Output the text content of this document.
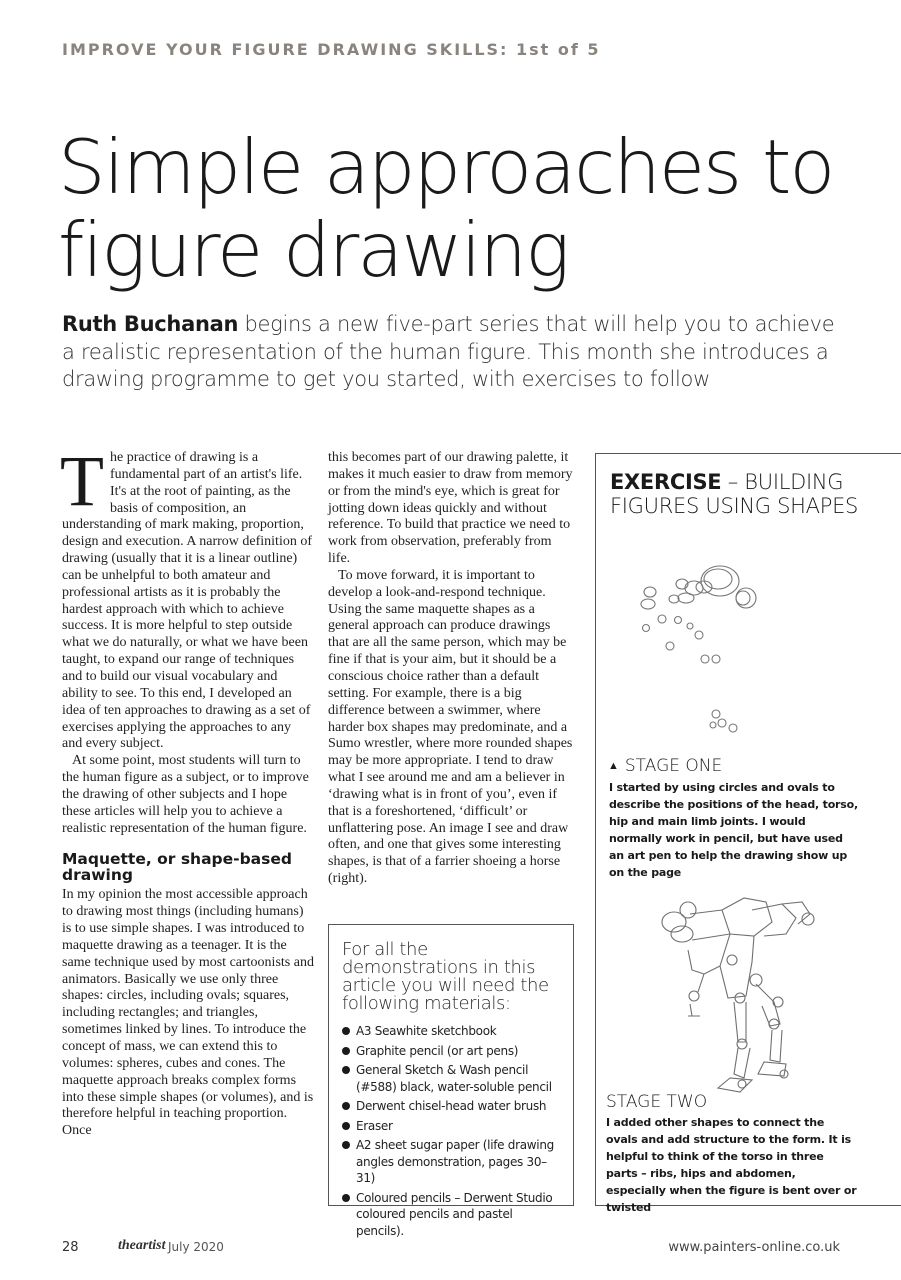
IMPROVE YOUR FIGURE DRAWING SKILLS: 1st of 5
Simple approaches to
figure drawing
Ruth Buchanan begins a new five-part series that will help you to achieve a realistic representation of the human figure. This month she introduces a drawing programme to get you started, with exercises to follow
T he practice of drawing is a fundamental part of an artist's life. It's at the root of painting, as the basis of composition, an understanding of mark making, proportion, design and execution. A narrow definition of drawing (usually that it is a linear outline) can be unhelpful to both amateur and professional artists as it is probably the hardest approach with which to achieve success. It is more helpful to step outside what we do naturally, or what we have been taught, to expand our range of techniques and to build our visual vocabulary and ability to see. To this end, I developed an idea of ten approaches to drawing as a set of exercises applying the approaches to any and every subject.

At some point, most students will turn to the human figure as a subject, or to improve the drawing of other subjects and I hope these articles will help you to achieve a realistic representation of the human figure.

Maquette, or shape-based drawing

In my opinion the most accessible approach to drawing most things (including humans) is to use simple shapes. I was introduced to maquette drawing as a teenager. It is the same technique used by most cartoonists and animators. Basically we use only three shapes: circles, including ovals; squares, including rectangles; and triangles, sometimes linked by lines. To introduce the concept of mass, we can extend this to volumes: spheres, cubes and cones. The maquette approach breaks complex forms into these simple shapes (or volumes), and is therefore helpful in teaching proportion. Once

this becomes part of our drawing palette, it makes it much easier to draw from memory or from the mind's eye, which is great for jotting down ideas quickly and without reference. To build that practice we need to work from observation, preferably from life.

To move forward, it is important to develop a look-and-respond technique. Using the same maquette shapes as a general approach can produce drawings that are all the same person, which may be fine if that is your aim, but it should be a conscious choice rather than a default setting. For example, there is a big difference between a swimmer, where harder box shapes may predominate, and a Sumo wrestler, where more rounded shapes may be more appropriate. I tend to draw what I see around me and am a believer in ‘drawing what is in front of you’, even if that is a foreshortened, ‘difficult’ or unflattering pose. An image I see and draw often, and one that gives some interesting shapes, is that of a farrier shoeing a horse (right).

For all the demonstrations in this article you will need the following materials:
A3 Seawhite sketchbook
Graphite pencil (or art pens)
General Sketch & Wash pencil (#588) black, water-soluble pencil
Derwent chisel-head water brush
Eraser
A2 sheet sugar paper (life drawing angles demonstration, pages 30–31)
Coloured pencils – Derwent Studio coloured pencils and pastel pencils).
EXERCISE – BUILDING
FIGURES USING SHAPES
▲ STAGE ONE
I started by using circles and ovals to describe the positions of the head, torso, hip and main limb joints. I would normally work in pencil, but have used an art pen to help the drawing show up on the page
STAGE TWO
I added other shapes to connect the ovals and add structure to the form. It is helpful to think of the torso in three parts – ribs, hips and abdomen, especially when the figure is bent over or twisted
28	theartist July 2020	www.painters-online.co.uk
